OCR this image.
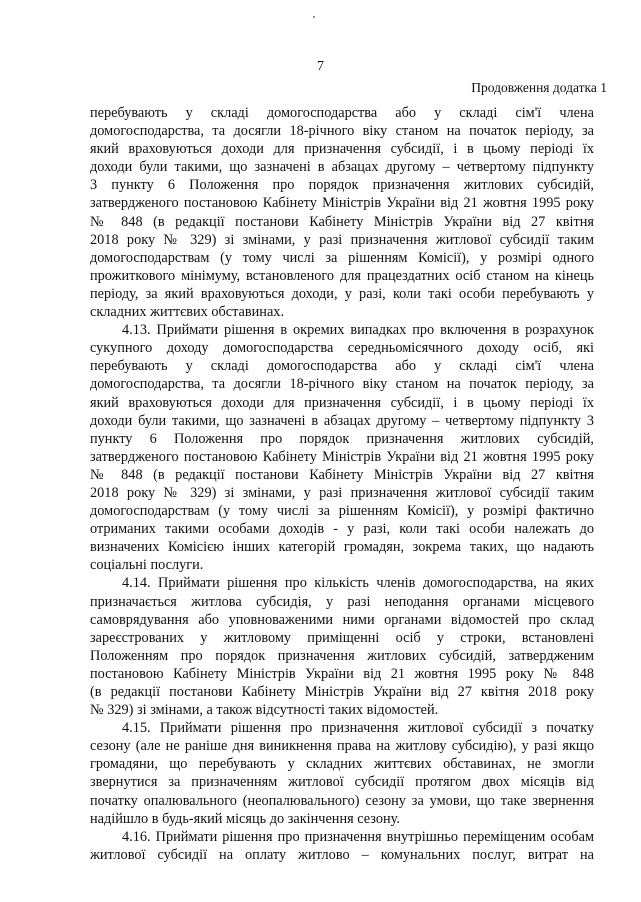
7
Продовження додатка 1
перебувають у складі домогосподарства або у складі сім'ї члена
домогосподарства, та досягли 18-річного віку станом на початок періоду, за
який враховуються доходи для призначення субсидії, і в цьому періоді їх
доходи були такими, що зазначені в абзацах другому – четвертому підпункту
3 пункту 6 Положення про порядок призначення житлових субсидій,
затвердженого постановою Кабінету Міністрів України від 21 жовтня 1995 року
№ 848 (в редакції постанови Кабінету Міністрів України від 27 квітня
2018 року № 329) зі змінами, у разі призначення житлової субсидії таким
домогосподарствам (у тому числі за рішенням Комісії), у розмірі одного
прожиткового мінімуму, встановленого для працездатних осіб станом на кінець
періоду, за який враховуються доходи, у разі, коли такі особи перебувають у
складних життєвих обставинах.
4.13. Приймати рішення в окремих випадках про включення в розрахунок
сукупного доходу домогосподарства середньомісячного доходу осіб, які
перебувають у складі домогосподарства або у складі сім'ї члена
домогосподарства, та досягли 18-річного віку станом на початок періоду, за
який враховуються доходи для призначення субсидії, і в цьому періоді їх
доходи були такими, що зазначені в абзацах другому – четвертому підпункту 3
пункту 6 Положення про порядок призначення житлових субсидій,
затвердженого постановою Кабінету Міністрів України від 21 жовтня 1995 року
№ 848 (в редакції постанови Кабінету Міністрів України від 27 квітня
2018 року № 329) зі змінами, у разі призначення житлової субсидії таким
домогосподарствам (у тому числі за рішенням Комісії), у розмірі фактично
отриманих такими особами доходів - у разі, коли такі особи належать до
визначених Комісією інших категорій громадян, зокрема таких, що надають
соціальні послуги.
4.14. Приймати рішення про кількість членів домогосподарства, на яких
призначається житлова субсидія, у разі неподання органами місцевого
самоврядування або уповноваженими ними органами відомостей про склад
зареєстрованих у житловому приміщенні осіб у строки, встановлені
Положенням про порядок призначення житлових субсидій, затвердженим
постановою Кабінету Міністрів України від 21 жовтня 1995 року № 848
(в редакції постанови Кабінету Міністрів України від 27 квітня 2018 року
№ 329) зі змінами, а також відсутності таких відомостей.
4.15. Приймати рішення про призначення житлової субсидії з початку
сезону (але не раніше дня виникнення права на житлову субсидію), у разі якщо
громадяни, що перебувають у складних життєвих обставинах, не змогли
звернутися за призначенням житлової субсидії протягом двох місяців від
початку опалювального (неопалювального) сезону за умови, що таке звернення
надійшло в будь-який місяць до закінчення сезону.
4.16. Приймати рішення про призначення внутрішньо переміщеним особам
житлової субсидії на оплату житлово – комунальних послуг, витрат на
